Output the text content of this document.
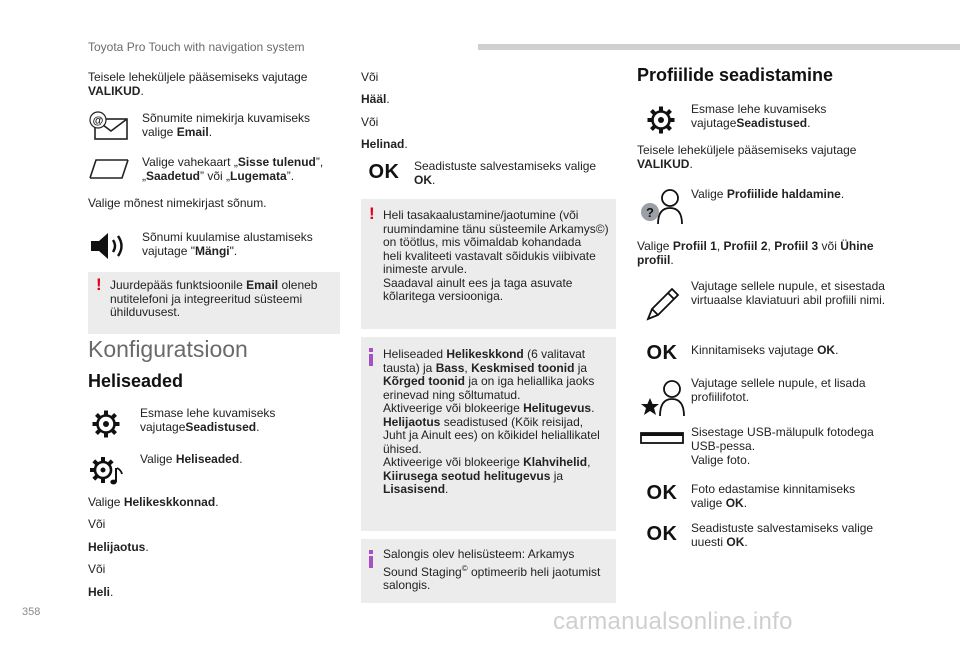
Toyota Pro Touch with navigation system
Teisele leheküljele pääsemiseks vajutage VALIKUD.
@	Sõnumite nimekirja kuvamiseks valige Email.
Valige vahekaart „Sisse tulenud”, „Saadetud” või „Lugemata”.
Valige mõnest nimekirjast sõnum.
Sõnumi kuulamise alustamiseks vajutage "Mängi".
! Juurdepääs funktsioonile Email oleneb nutitelefoni ja integreeritud süsteemi ühilduvusest.
Konfiguratsioon
Heliseaded
Esmase lehe kuvamiseks vajutageSeadistused.
Valige Heliseaded.
Valige Helikeskkonnad.
Või
Helijaotus.
Või
Heli.
Või
Hääl.
Või
Helinad.
OK	Seadistuste salvestamiseks valige OK.
! Heli tasakaalustamine/jaotumine (või
ruumindamine tänu süsteemile Arkamys©)
on töötlus, mis võimaldab kohandada
heli kvaliteeti vastavalt sõidukis viibivate
inimeste arvule.
Saadaval ainult ees ja taga asuvate
kõlaritega versiooniga.
Heliseaded Helikeskkond (6 valitavat
tausta) ja Bass, Keskmised toonid ja
Kõrged toonid ja on iga heliallika jaoks
erinevad ning sõltumatud.
Aktiveerige või blokeerige Helitugevus.
Helijaotus seadistused (Kõik reisijad,
Juht ja Ainult ees) on kõikidel heliallikatel
ühised.
Aktiveerige või blokeerige Klahvihelid,
Kiirusega seotud helitugevus ja
Lisasisend.
Salongis olev helisüsteem: Arkamys
Sound Staging© optimeerib heli jaotumist
salongis.
Profiilide seadistamine
Esmase lehe kuvamiseks vajutageSeadistused.
Teisele leheküljele pääsemiseks vajutage VALIKUD.
?
Valige Profiilide haldamine.
Valige Profiil 1, Profiil 2, Profiil 3 või Ühine profiil.
Vajutage sellele nupule, et sisestada virtuaalse klaviatuuri abil profiili nimi.
OK	Kinnitamiseks vajutage OK.
Vajutage sellele nupule, et lisada profiilifotot.
Sisestage USB-mälupulk fotodega
USB-pessa.
Valige foto.
OK	Foto edastamise kinnitamiseks valige OK.
OK	Seadistuste salvestamiseks valige uuesti OK.
358	carmanualsonline.info
